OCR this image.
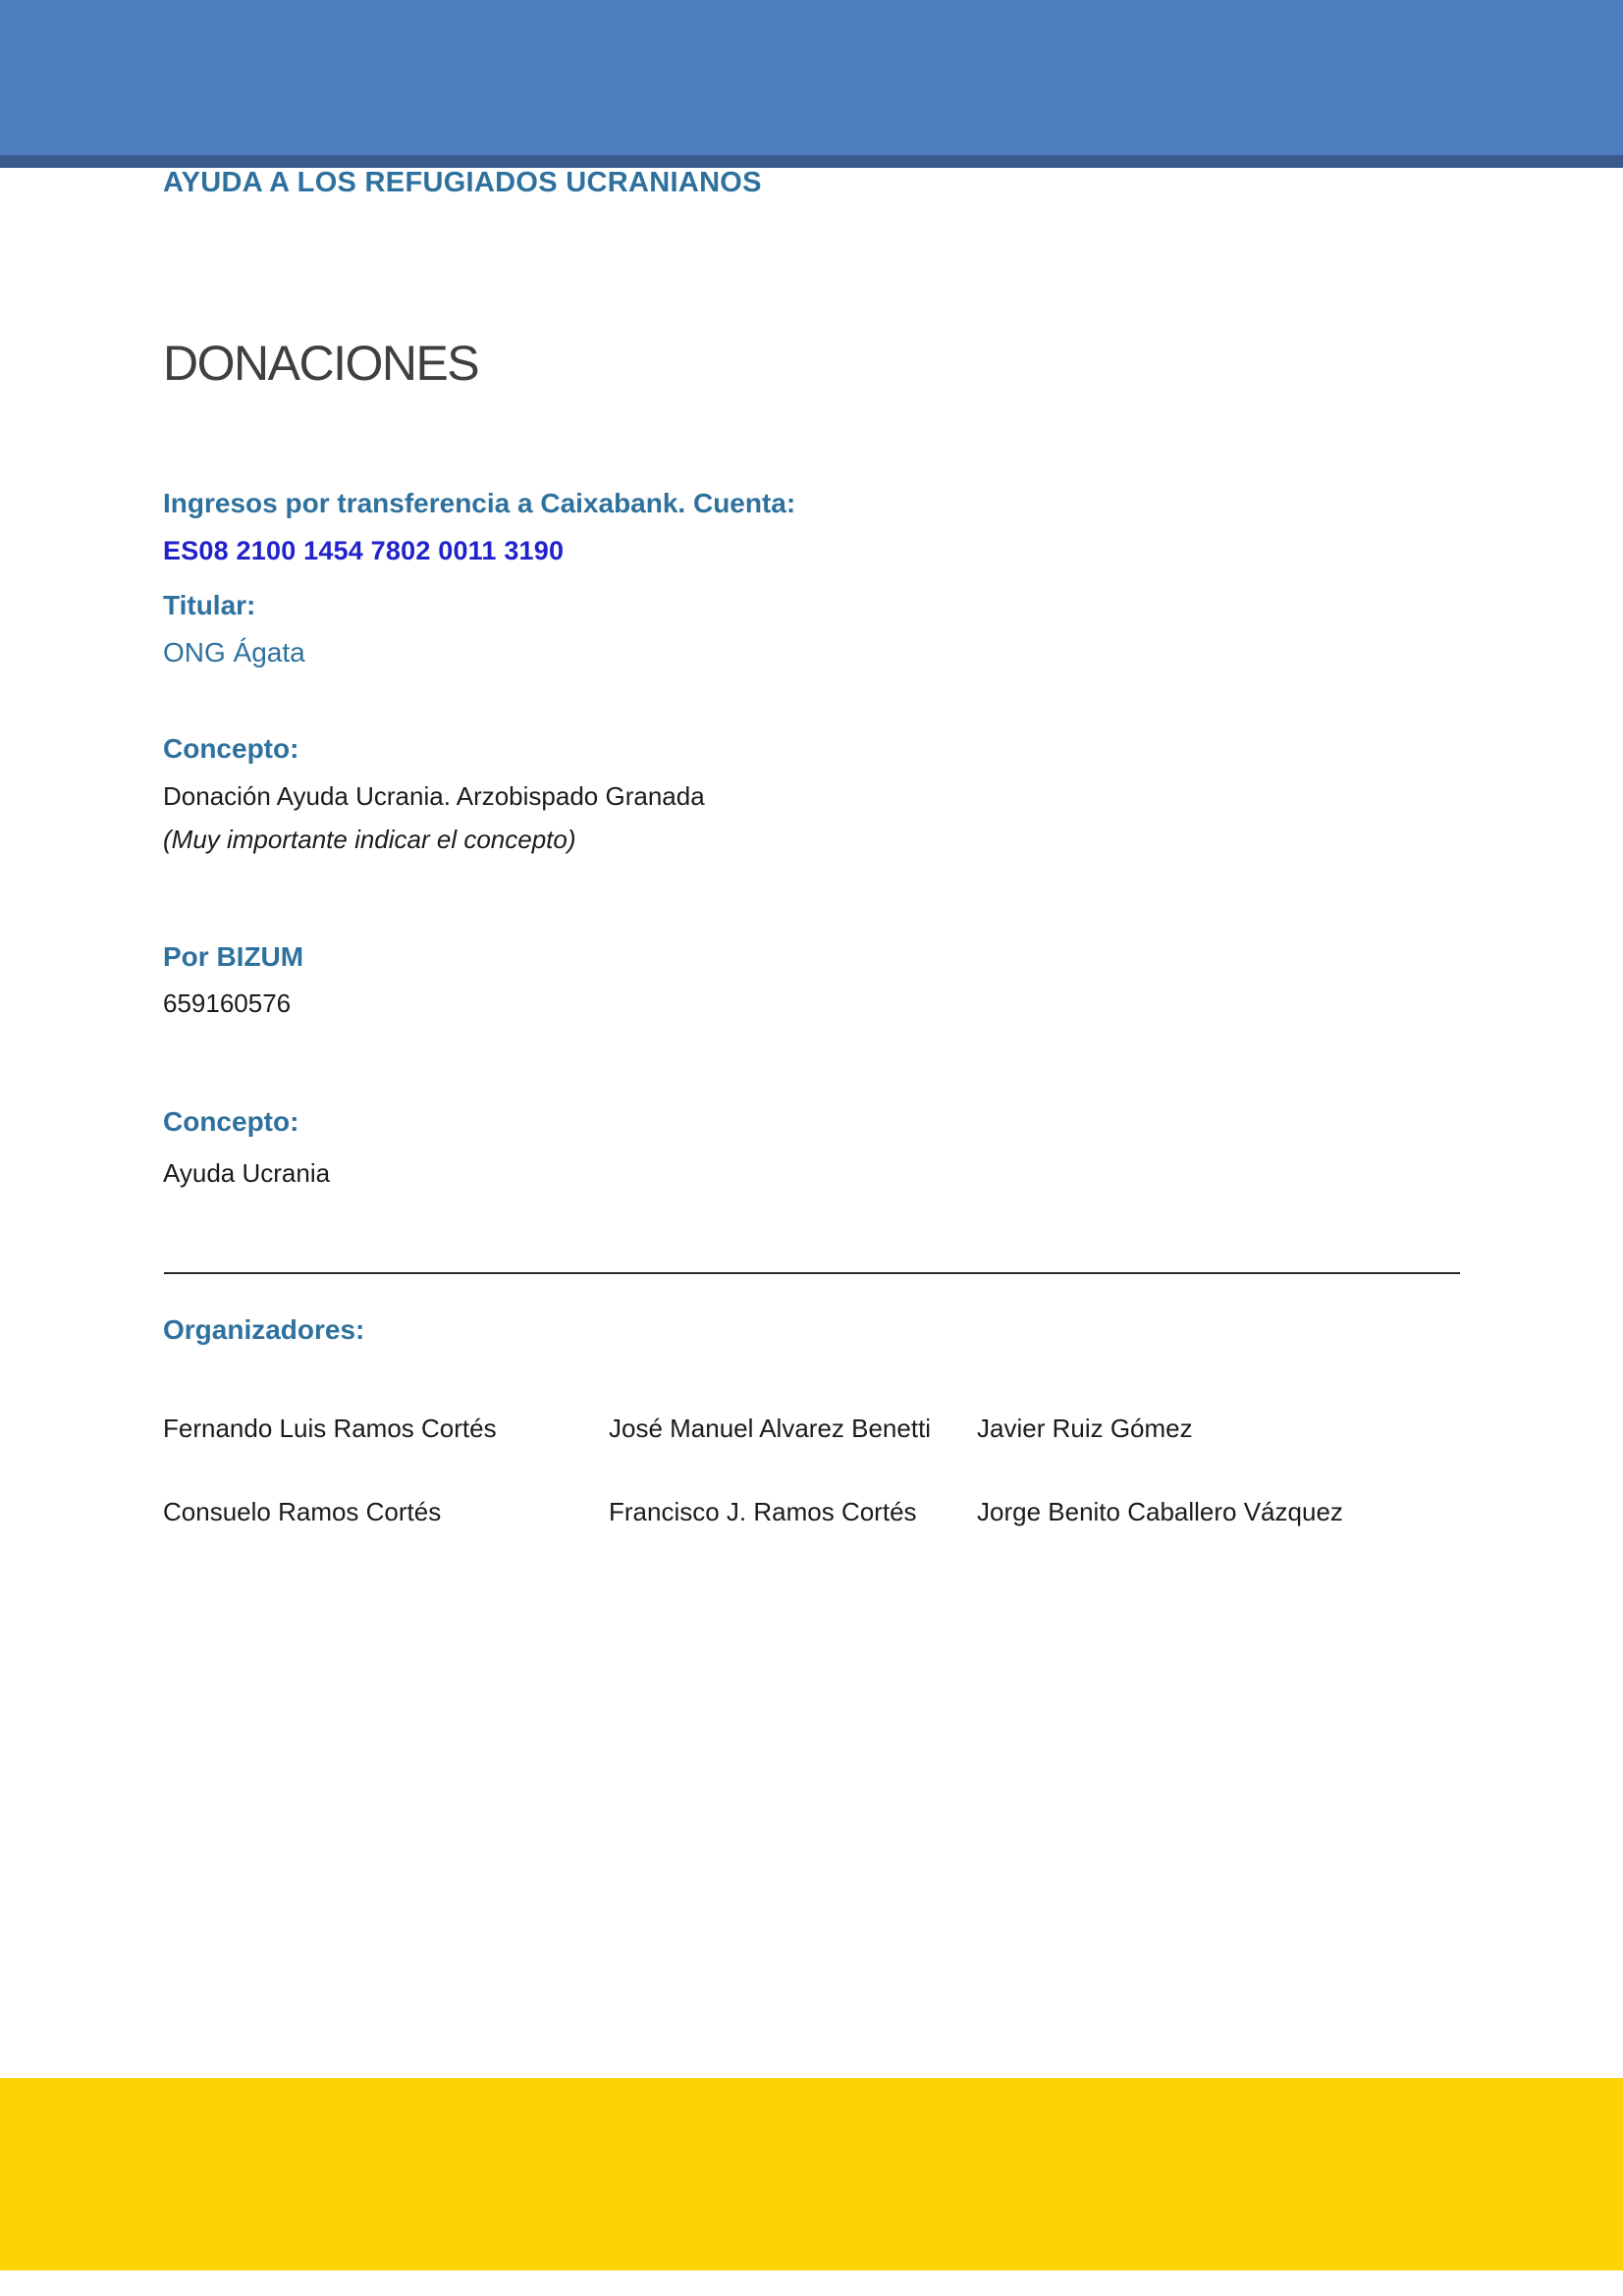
AYUDA A LOS REFUGIADOS UCRANIANOS
DONACIONES
Ingresos por transferencia a Caixabank. Cuenta:
ES08 2100 1454 7802 0011 3190
Titular:
ONG Ágata
Concepto:
Donación Ayuda Ucrania. Arzobispado Granada
(Muy importante indicar el concepto)
Por BIZUM
659160576
Concepto:
Ayuda Ucrania
Organizadores:
Fernando Luis Ramos Cortés	José Manuel Alvarez Benetti Javier Ruiz Gómez
Consuelo Ramos Cortés	Francisco J. Ramos Cortés Jorge Benito Caballero Vázquez
